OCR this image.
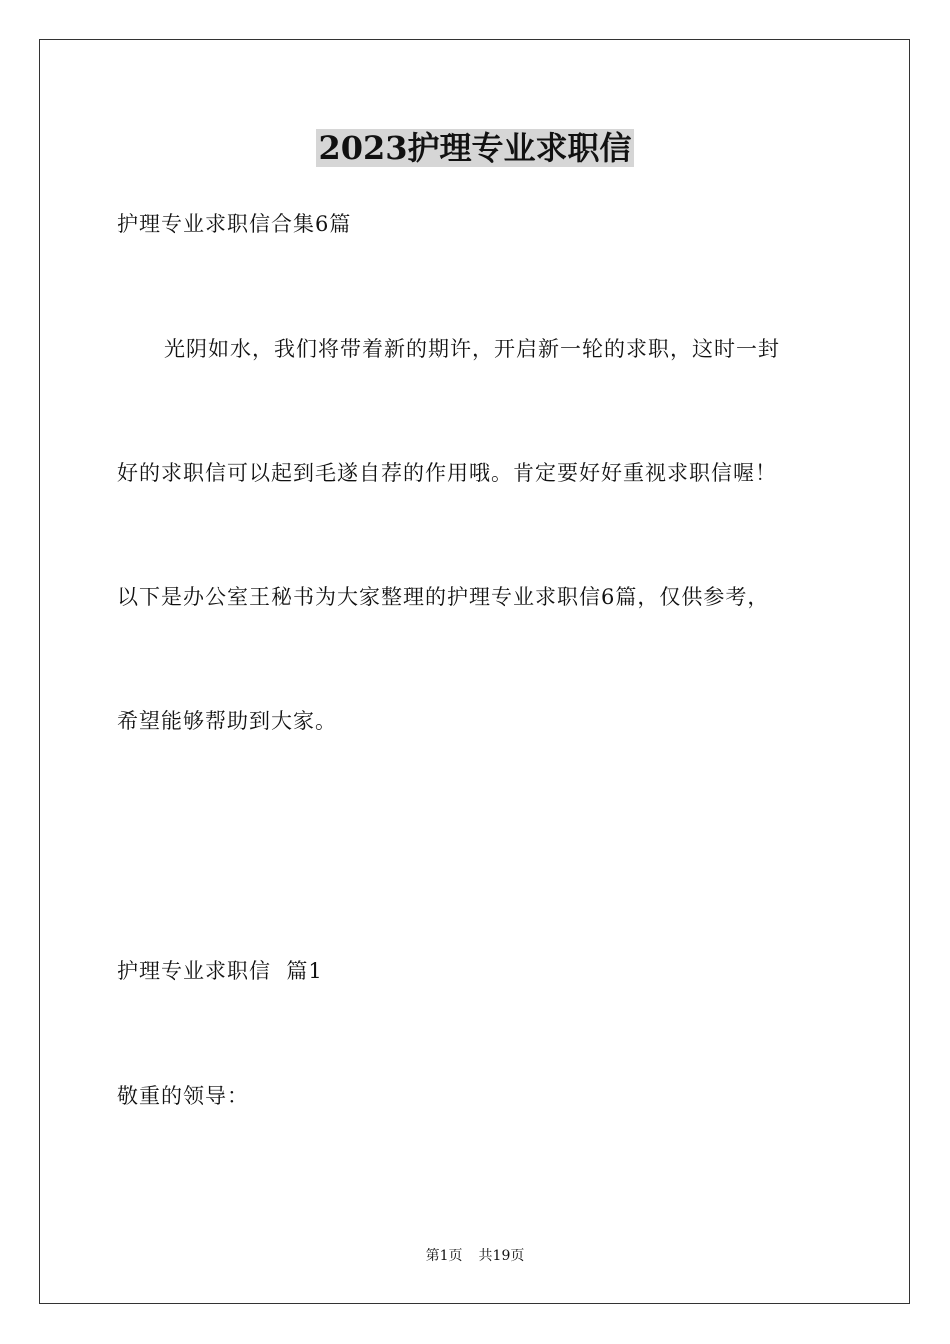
2023护理专业求职信
护理专业求职信合集6篇
光阴如水，我们将带着新的期许，开启新一轮的求职，这时一封
好的求职信可以起到毛遂自荐的作用哦。肯定要好好重视求职信喔！
以下是办公室王秘书为大家整理的护理专业求职信6篇，仅供参考，
希望能够帮助到大家。
护理专业求职信  篇1
敬重的领导：
第1页 共19页
